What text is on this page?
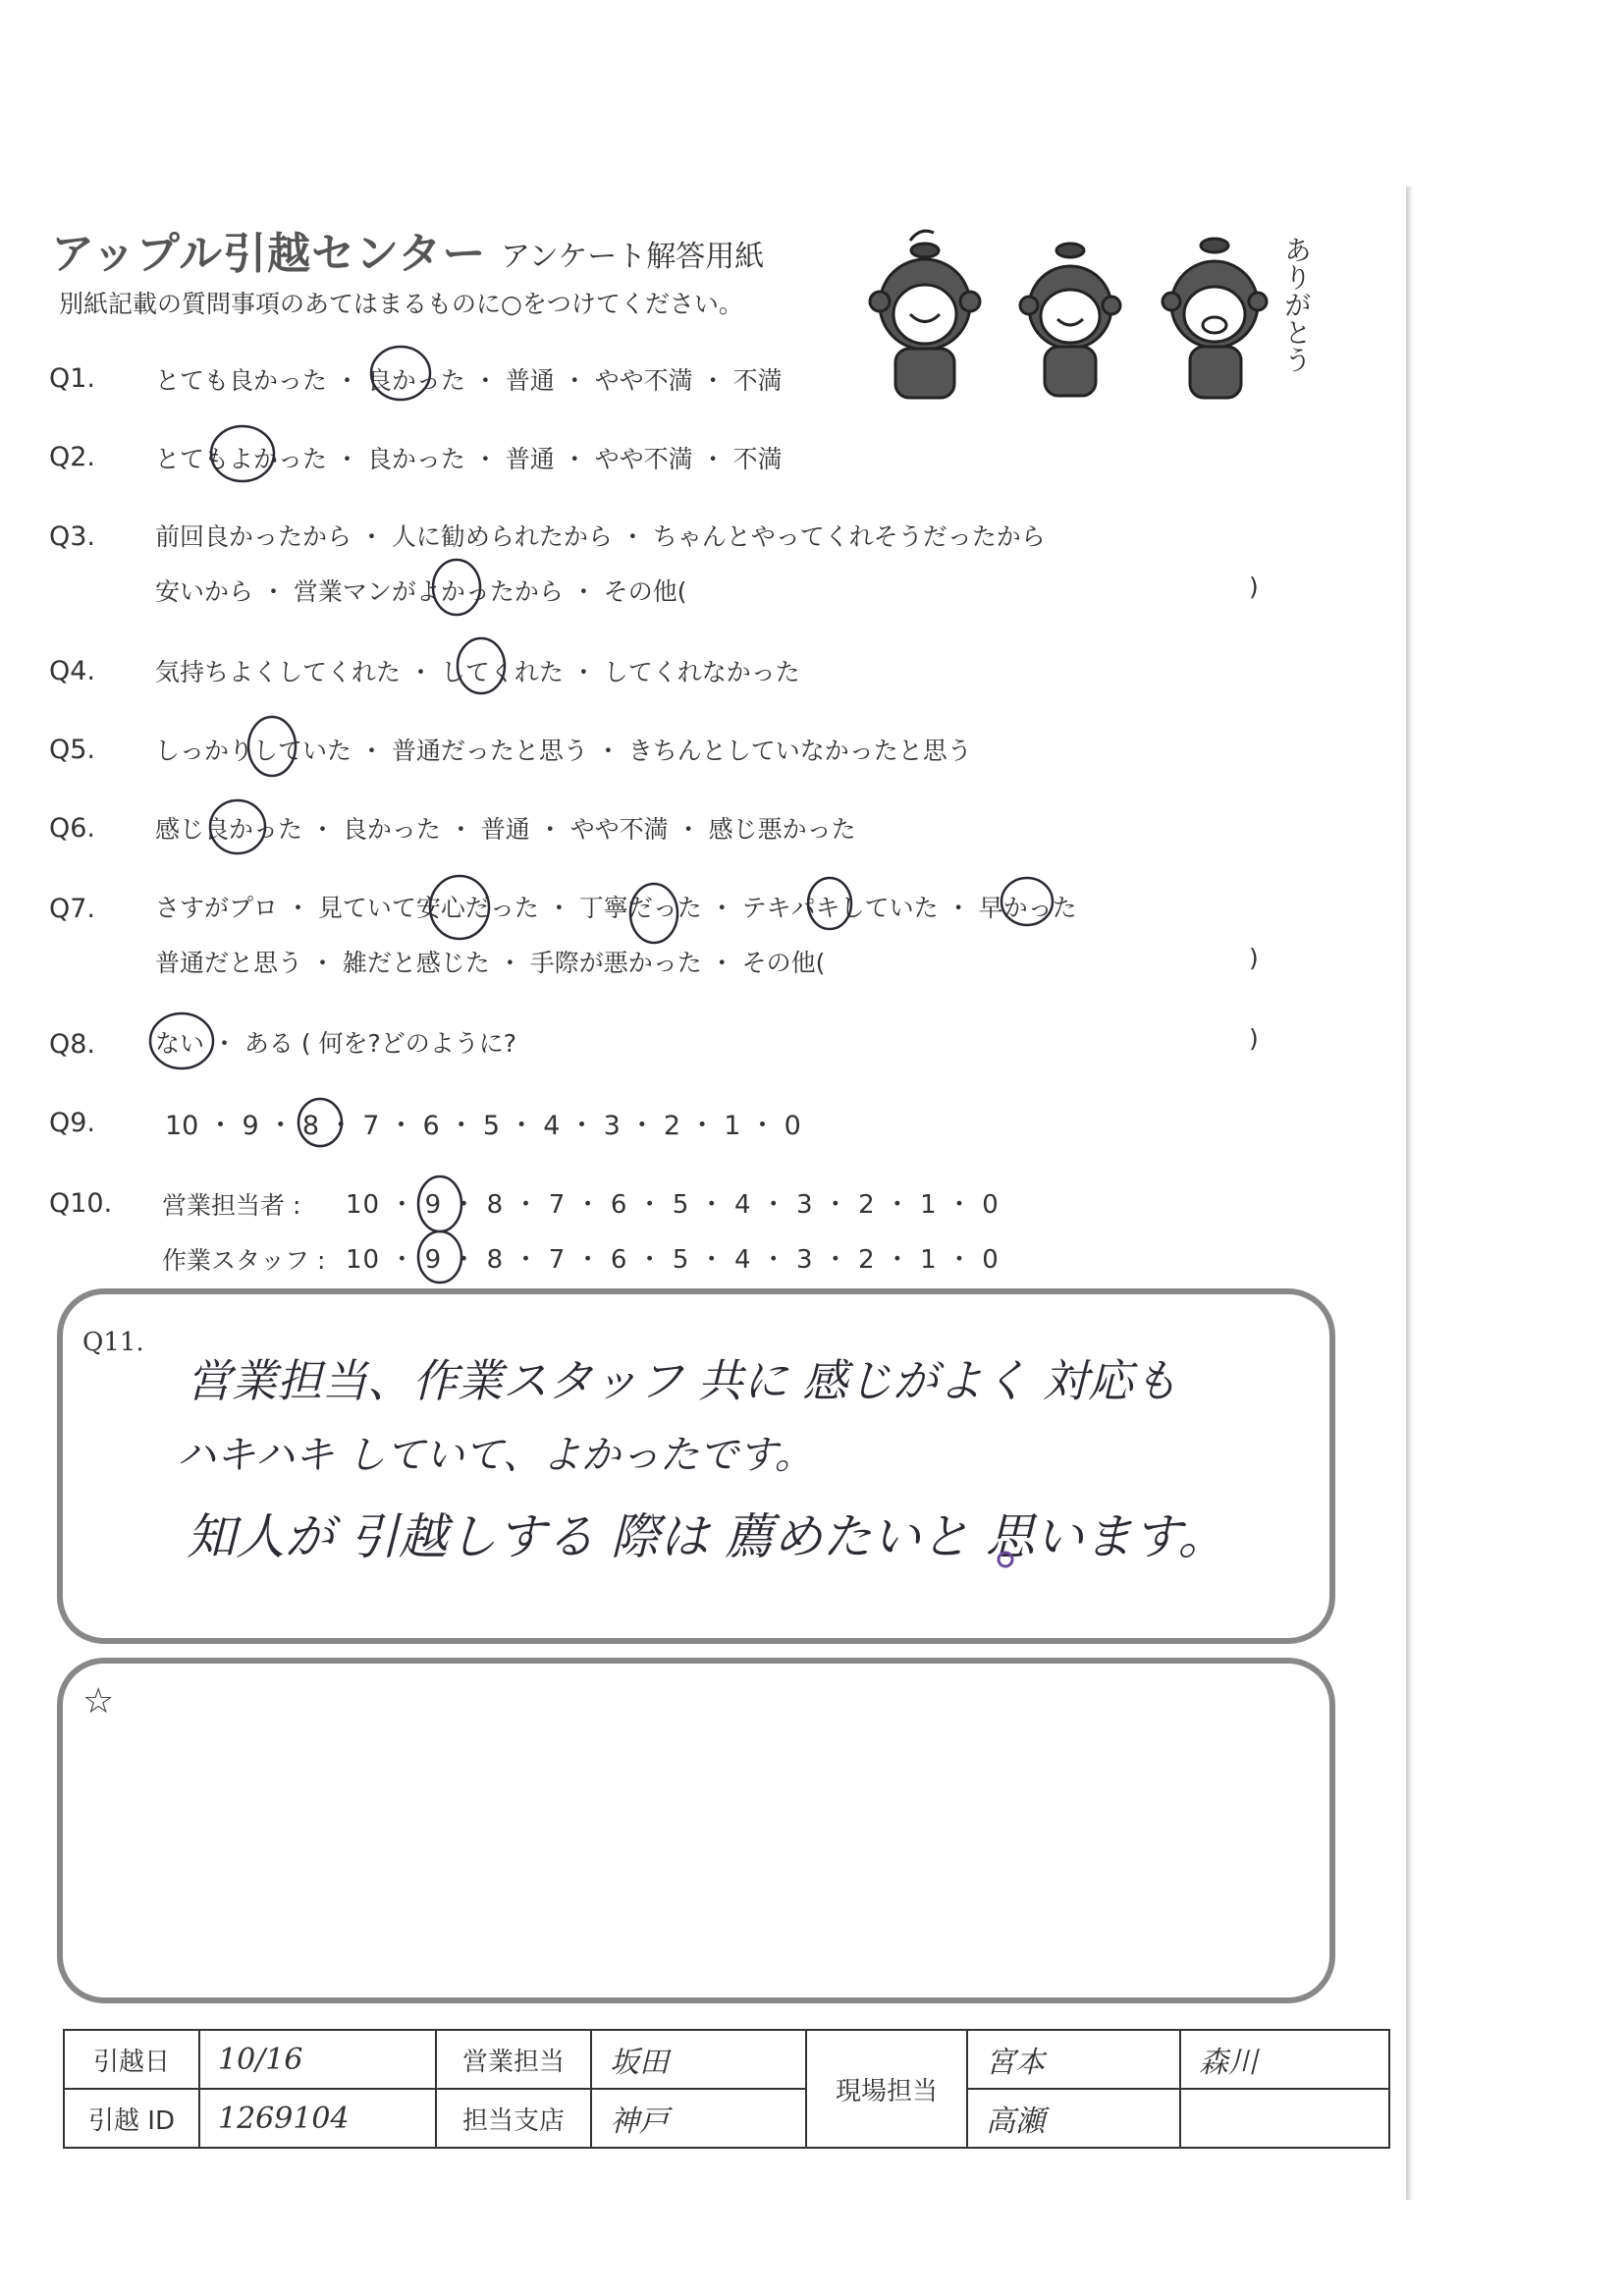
アップル引越センター アンケート解答用紙
別紙記載の質問事項のあてはまるものに○をつけてください。	ありがとう
Q1. とても良かった ・ 良かった ・ 普通 ・ やや不満 ・ 不満
Q2. とてもよかった ・ 良かった ・ 普通 ・ やや不満 ・ 不満
Q3. 前回良かったから ・ 人に勧められたから ・ ちゃんとやってくれそうだったから
安いから ・ 営業マンがよかったから ・ その他(	)
Q4. 気持ちよくしてくれた ・ してくれた ・ してくれなかった
Q5. しっかりしていた ・ 普通だったと思う ・ きちんとしていなかったと思う
Q6. 感じ良かった ・ 良かった ・ 普通 ・ やや不満 ・ 感じ悪かった
Q7. さすがプロ ・ 見ていて安心だった ・ 丁寧だった ・ テキパキしていた ・ 早かった
普通だと思う ・ 雑だと感じた ・ 手際が悪かった ・ その他(	)
Q8. ない ・ ある ( 何を?どのように?	)
Q9.	10 ・ 9 ・ 8 ・ 7 ・ 6 ・ 5 ・ 4 ・ 3 ・ 2 ・ 1 ・ 0
Q10. 営業担当者 : 10 ・ 9 ・ 8 ・ 7 ・ 6 ・ 5 ・ 4 ・ 3 ・ 2 ・ 1 ・ 0
作業スタッフ : 10 ・ 9 ・ 8 ・ 7 ・ 6 ・ 5 ・ 4 ・ 3 ・ 2 ・ 1 ・ 0
Q11.
営業担当、作業スタッフ 共に 感じがよく 対応も
ハキハキ していて、よかったです。
知人が 引越しする 際は 薦めたいと 思います。
☆
引越日	10/16	営業担当	坂田	現場担当	宮本	森川
引越 ID	1269104	担当支店	神戸		高瀬	
